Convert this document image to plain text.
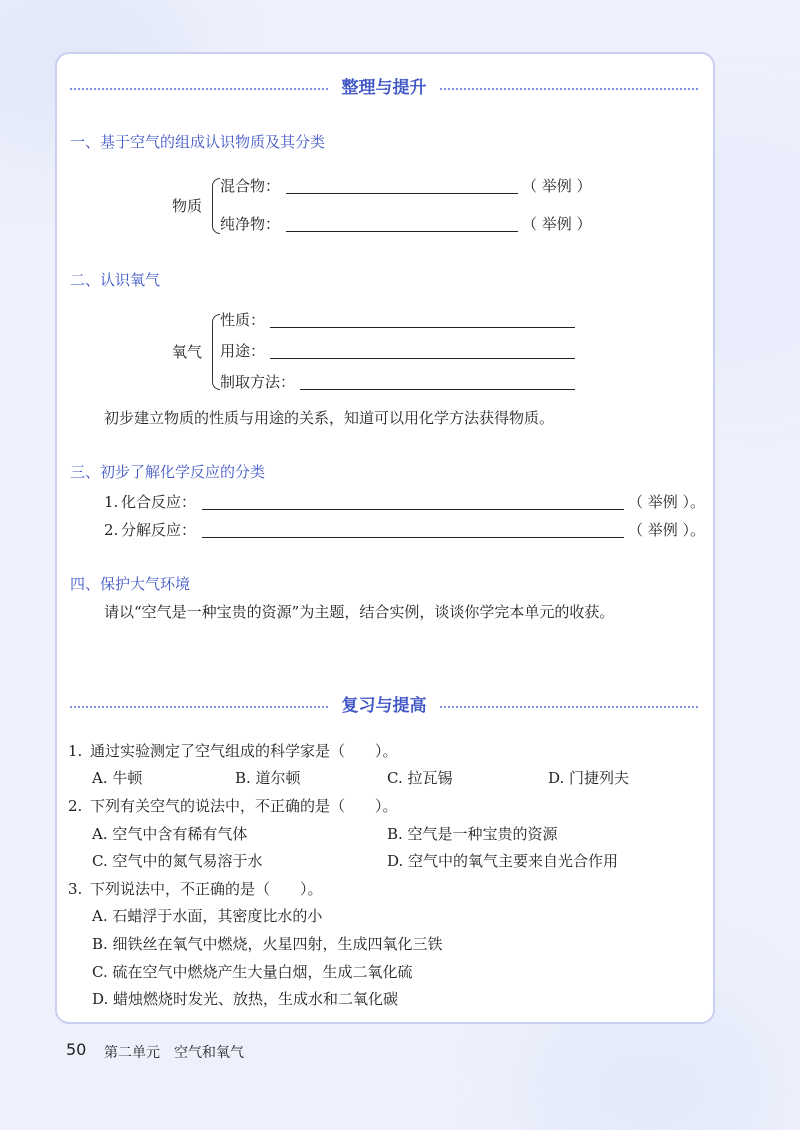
整理与提升
一、基于空气的组成认识物质及其分类
物质
混合物：	（ 举例 ）
纯净物：	（ 举例 ）
二、认识氧气
氧气
性质：
用途：
制取方法：
初步建立物质的性质与用途的关系，知道可以用化学方法获得物质。
三、初步了解化学反应的分类
1. 化合反应：	（ 举例 ）。
2. 分解反应：	（ 举例 ）。
四、保护大气环境
请以“空气是一种宝贵的资源”为主题，结合实例，谈谈你学完本单元的收获。
复习与提高
1. 通过实验测定了空气组成的科学家是（　　）。
A. 牛顿	B. 道尔顿	C. 拉瓦锡	D. 门捷列夫
2. 下列有关空气的说法中，不正确的是（　　）。
A. 空气中含有稀有气体	B. 空气是一种宝贵的资源
C. 空气中的氮气易溶于水	D. 空气中的氧气主要来自光合作用
3. 下列说法中，不正确的是（　　）。
A. 石蜡浮于水面，其密度比水的小
B. 细铁丝在氧气中燃烧，火星四射，生成四氧化三铁
C. 硫在空气中燃烧产生大量白烟，生成二氧化硫
D. 蜡烛燃烧时发光、放热，生成水和二氧化碳
50 第二单元　空气和氧气
